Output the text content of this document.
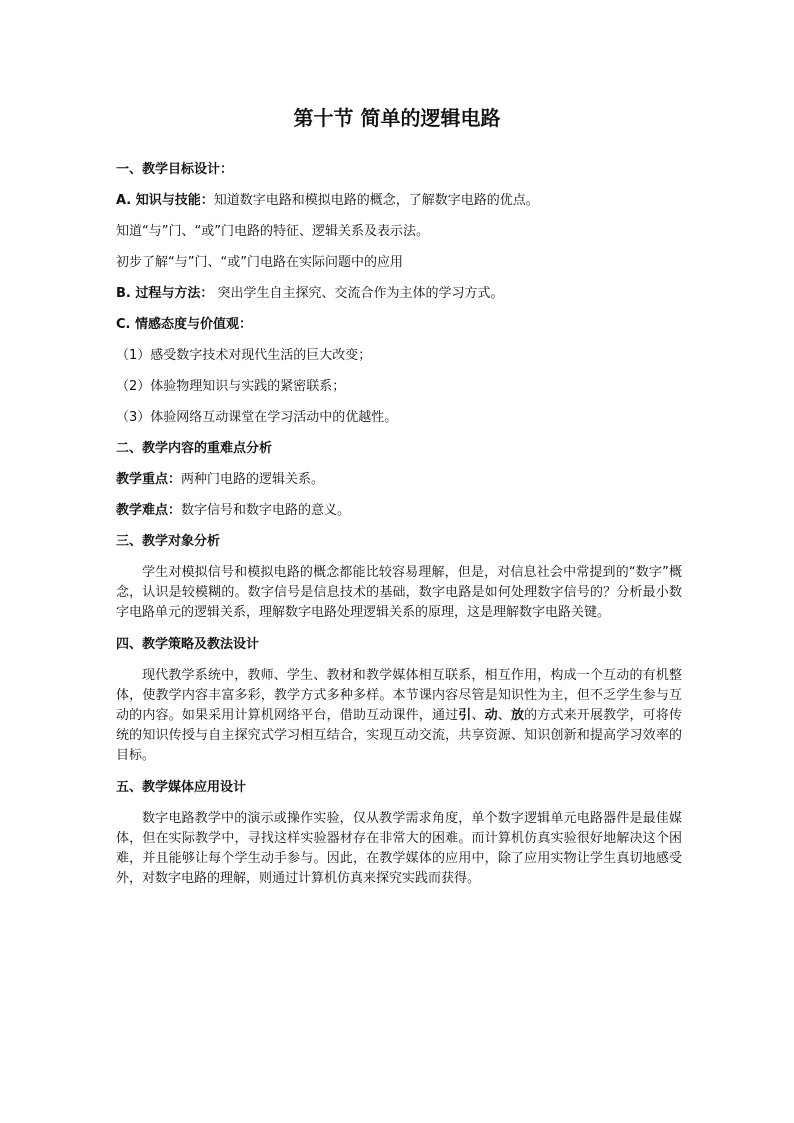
第十节 简单的逻辑电路

一、教学目标设计：

A. 知识与技能：知道数字电路和模拟电路的概念，了解数字电路的优点。

知道“与”门、“或”门电路的特征、逻辑关系及表示法。

初步了解“与”门、“或”门电路在实际问题中的应用

B. 过程与方法： 突出学生自主探究、交流合作为主体的学习方式。

C. 情感态度与价值观：

（1）感受数字技术对现代生活的巨大改变；

（2）体验物理知识与实践的紧密联系；

（3）体验网络互动课堂在学习活动中的优越性。

二、教学内容的重难点分析

教学重点：两种门电路的逻辑关系。

教学难点：数字信号和数字电路的意义。

三、教学对象分析

学生对模拟信号和模拟电路的概念都能比较容易理解，但是，对信息社会中常提到的“数字”概念，认识是较模糊的。数字信号是信息技术的基础，数字电路是如何处理数字信号的？分析最小数字电路单元的逻辑关系，理解数字电路处理逻辑关系的原理，这是理解数字电路关键。

四、教学策略及教法设计

现代教学系统中，教师、学生、教材和教学媒体相互联系，相互作用，构成一个互动的有机整体，使教学内容丰富多彩，教学方式多种多样。本节课内容尽管是知识性为主，但不乏学生参与互动的内容。如果采用计算机网络平台，借助互动课件，通过引、动、放的方式来开展教学，可将传统的知识传授与自主探究式学习相互结合，实现互动交流，共享资源、知识创新和提高学习效率的目标。

五、教学媒体应用设计

数字电路教学中的演示或操作实验，仅从教学需求角度，单个数字逻辑单元电路器件是最佳媒体，但在实际教学中，寻找这样实验器材存在非常大的困难。而计算机仿真实验很好地解决这个困难，并且能够让每个学生动手参与。因此，在教学媒体的应用中，除了应用实物让学生真切地感受外，对数字电路的理解，则通过计算机仿真来探究实践而获得。
